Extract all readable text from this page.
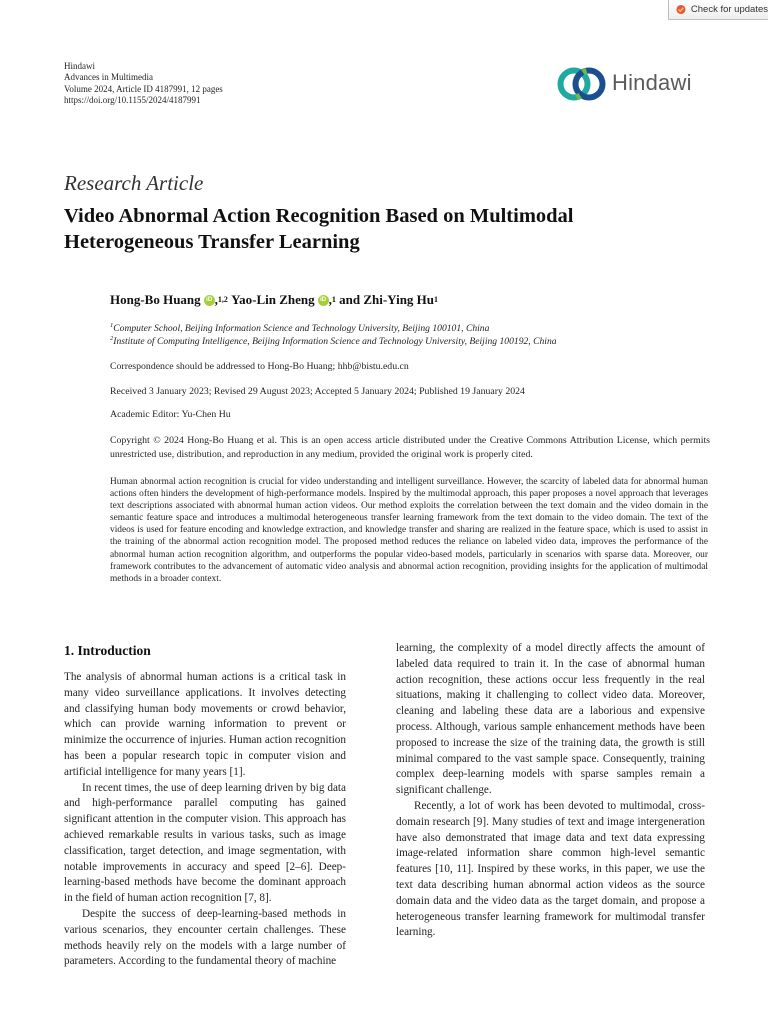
Check for updates
Hindawi
Advances in Multimedia
Volume 2024, Article ID 4187991, 12 pages
https://doi.org/10.1155/2024/4187991
Hindawi
Research Article
Video Abnormal Action Recognition Based on Multimodal Heterogeneous Transfer Learning
Hong-Bo Huang iD , 1,2
Yao-Lin Zheng iD , 1
and
Zhi-Ying Hu 1
$^1$Computer School, Beijing Information Science and Technology University, Beijing 100101, China
$^2$Institute of Computing Intelligence, Beijing Information Science and Technology University, Beijing 100192, China
Correspondence should be addressed to Hong-Bo Huang; hhb@bistu.edu.cn
Received 3 January 2023; Revised 29 August 2023; Accepted 5 January 2024; Published 19 January 2024
Academic Editor: Yu-Chen Hu
Copyright © 2024 Hong-Bo Huang et al. This is an open access article distributed under the Creative Commons Attribution License, which permits unrestricted use, distribution, and reproduction in any medium, provided the original work is properly cited.
Human abnormal action recognition is crucial for video understanding and intelligent surveillance. However, the scarcity of labeled data for abnormal human actions often hinders the development of high-performance models. Inspired by the multimodal approach, this paper proposes a novel approach that leverages text descriptions associated with abnormal human action videos. Our method exploits the correlation between the text domain and the video domain in the semantic feature space and introduces a multimodal heterogeneous transfer learning framework from the text domain to the video domain. The text of the videos is used for feature encoding and knowledge extraction, and knowledge transfer and sharing are realized in the feature space, which is used to assist in the training of the abnormal action recognition model. The proposed method reduces the reliance on labeled video data, improves the performance of the abnormal human action recognition algorithm, and outperforms the popular video-based models, particularly in scenarios with sparse data. Moreover, our framework contributes to the advancement of automatic video analysis and abnormal action recognition, providing insights for the application of multimodal methods in a broader context.
1. Introduction

The analysis of abnormal human actions is a critical task in many video surveillance applications. It involves detecting and classifying human body movements or crowd behavior, which can provide warning information to prevent or minimize the occurrence of injuries. Human action recognition has been a popular research topic in computer vision and artificial intelligence for many years [1].

In recent times, the use of deep learning driven by big data and high-performance parallel computing has gained significant attention in the computer vision. This approach has achieved remarkable results in various tasks, such as image classification, target detection, and image segmentation, with notable improvements in accuracy and speed [2–6]. Deep-learning-based methods have become the dominant approach in the field of human action recognition [7, 8].

Despite the success of deep-learning-based methods in various scenarios, they encounter certain challenges. These methods heavily rely on the models with a large number of parameters. According to the fundamental theory of machine

learning, the complexity of a model directly affects the amount of labeled data required to train it. In the case of abnormal human action recognition, these actions occur less frequently in the real situations, making it challenging to collect video data. Moreover, cleaning and labeling these data are a laborious and expensive process. Although, various sample enhancement methods have been proposed to increase the size of the training data, the growth is still minimal compared to the vast sample space. Consequently, training complex deep-learning models with sparse samples remain a significant challenge.

Recently, a lot of work has been devoted to multimodal, cross-domain research [9]. Many studies of text and image intergeneration have also demonstrated that image data and text data expressing image-related information share common high-level semantic features [10, 11]. Inspired by these works, in this paper, we use the text data describing human abnormal action videos as the source domain data and the video data as the target domain, and propose a heterogeneous transfer learning framework for multimodal transfer learning.
